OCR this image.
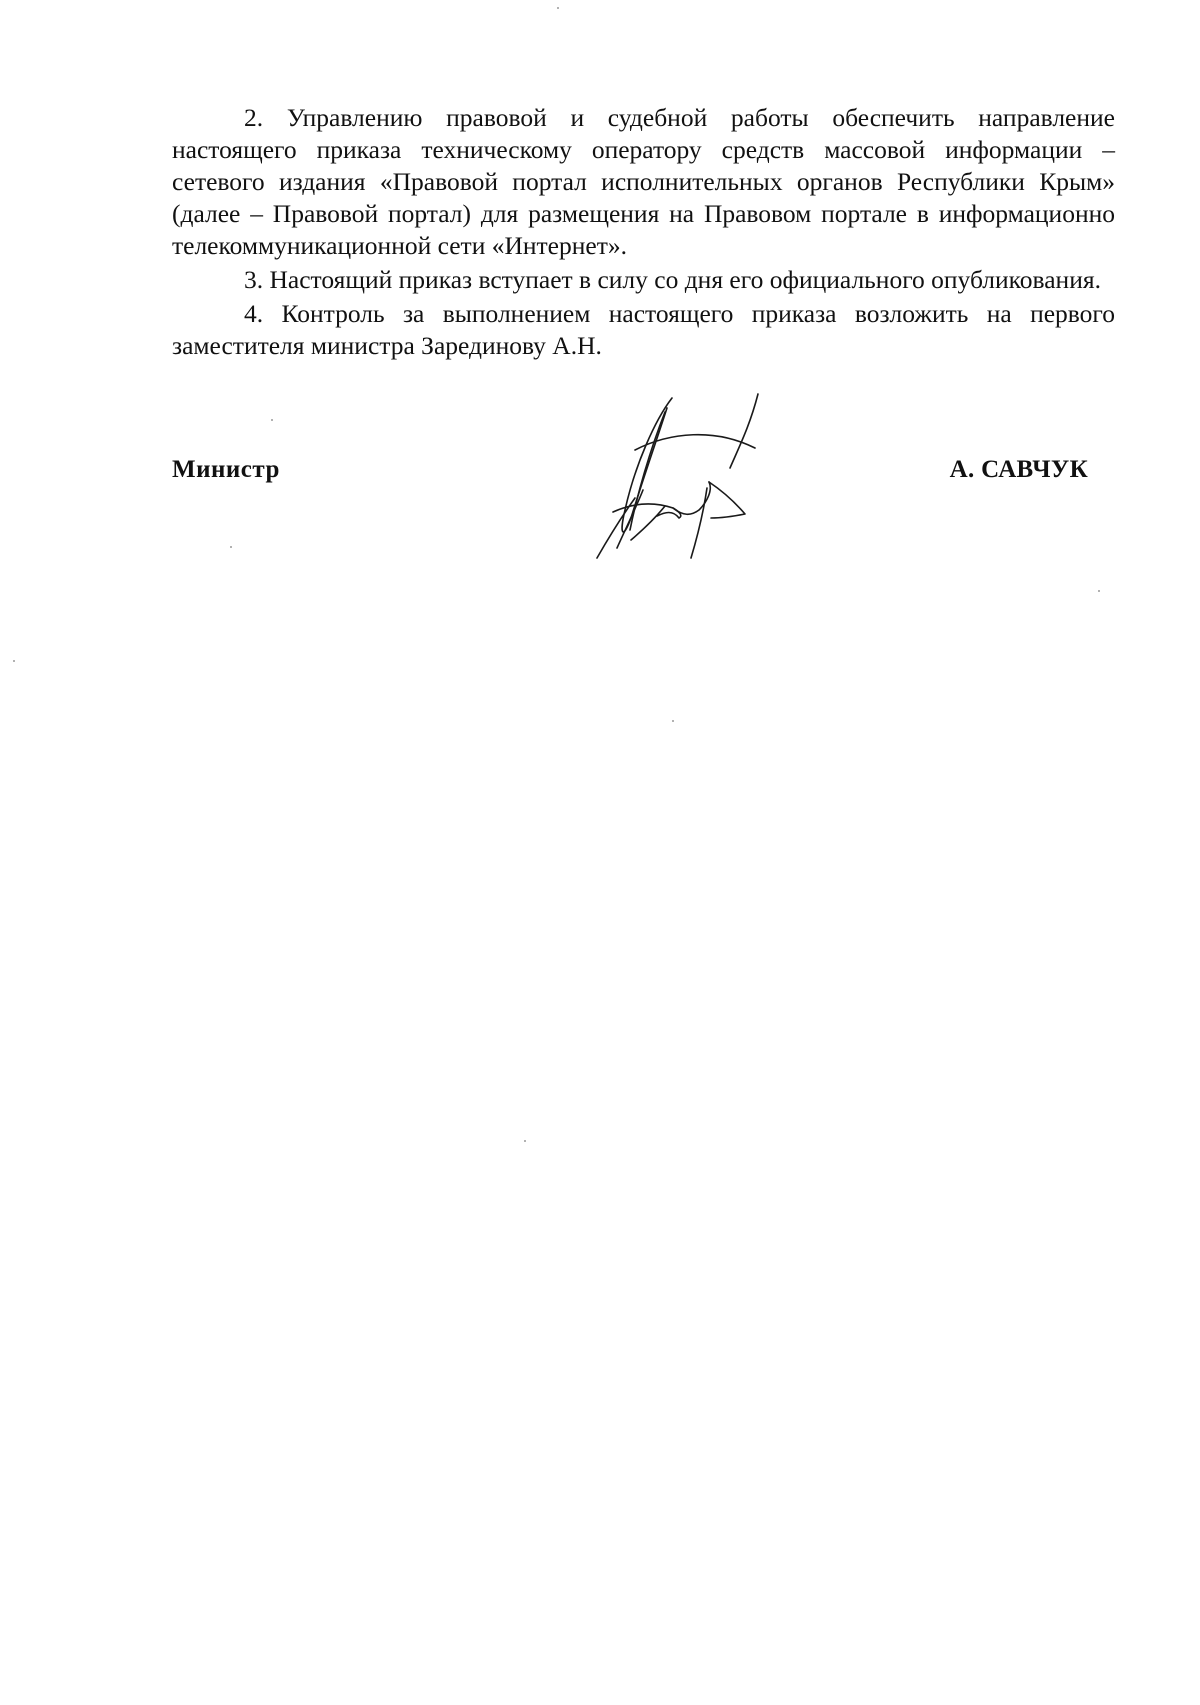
2. Управлению правовой и судебной работы обеспечить направление настоящего приказа техническому оператору средств массовой информации – сетевого издания «Правовой портал исполнительных органов Республики Крым» (далее – Правовой портал) для размещения на Правовом портале в информационно телекоммуникационной сети «Интернет».

3. Настоящий приказ вступает в силу со дня его официального опубликования.

4. Контроль за выполнением настоящего приказа возложить на первого заместителя министра Зарединову А.Н.

Министр	А. САВЧУК
